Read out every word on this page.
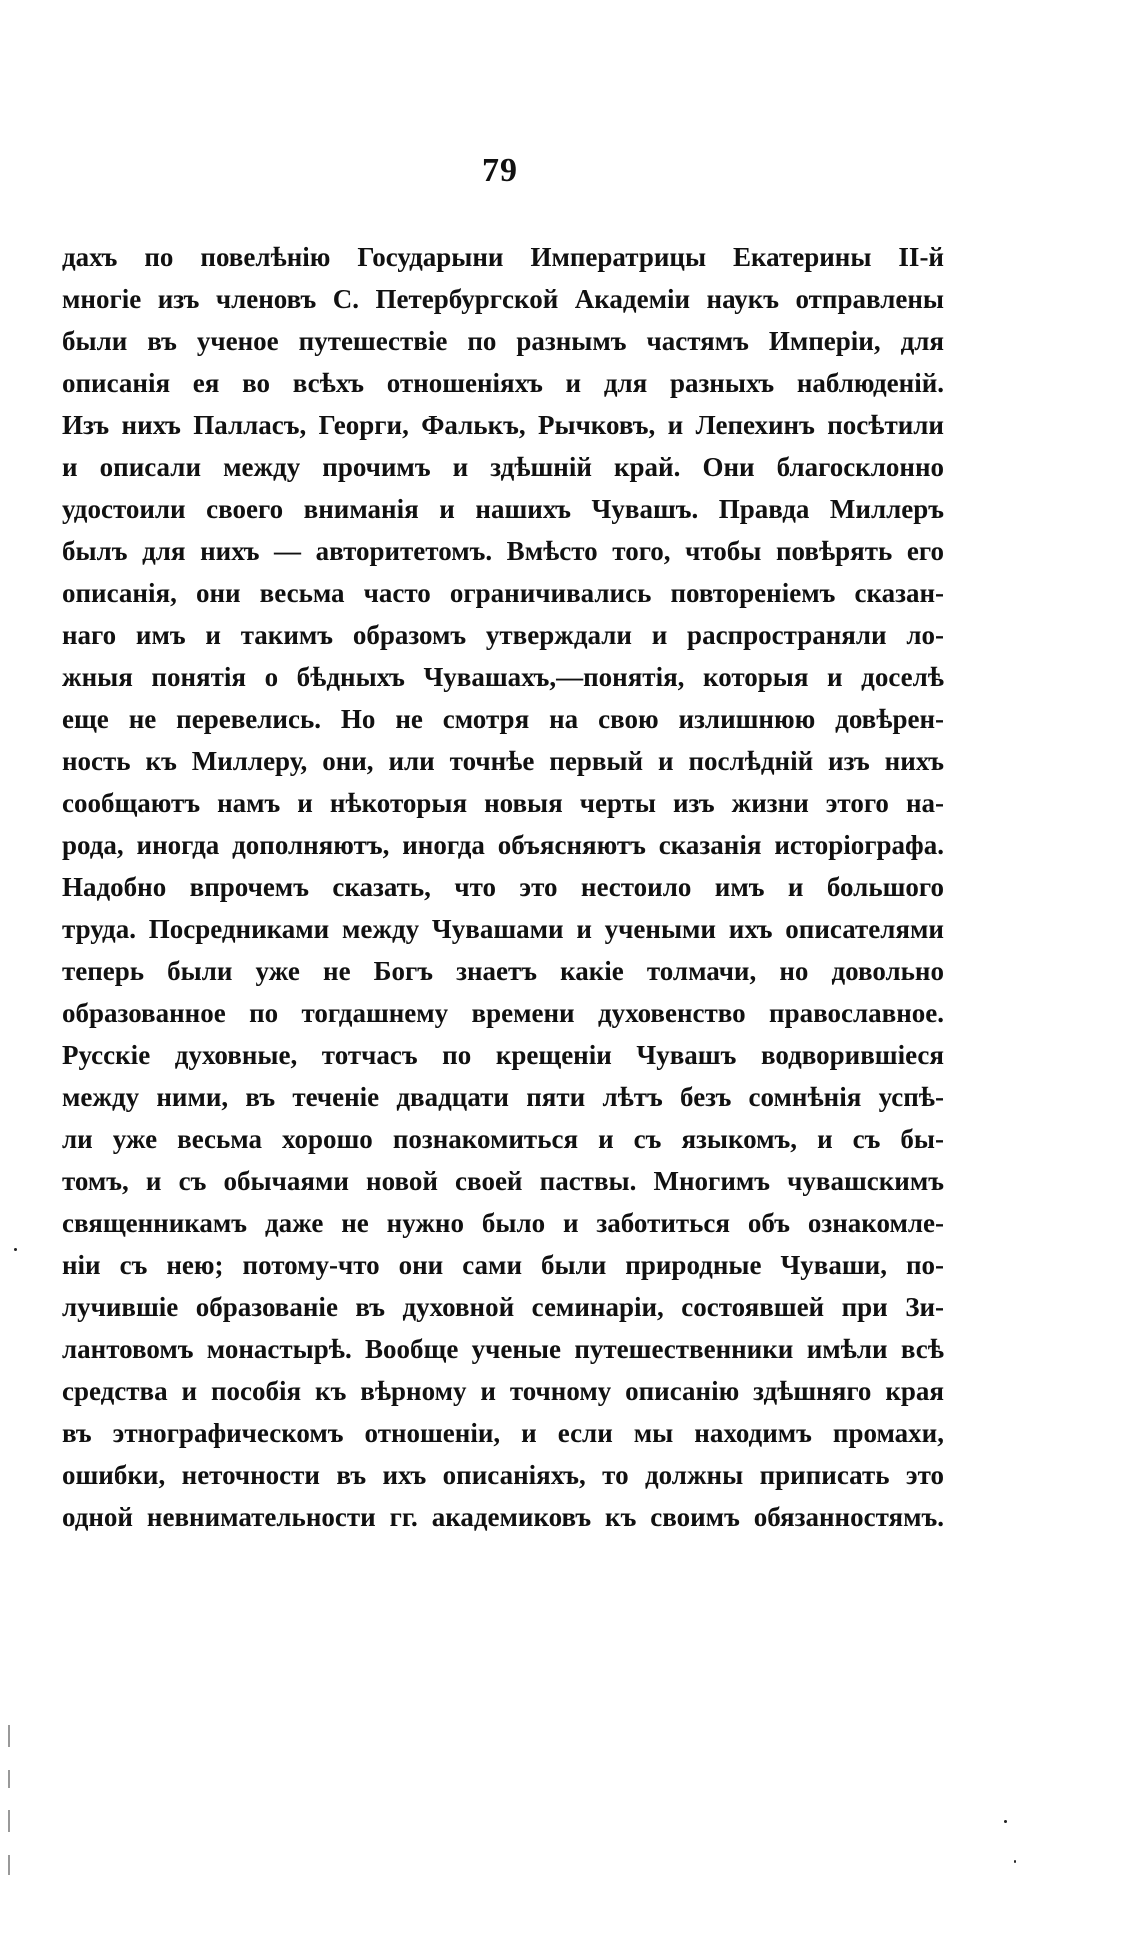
79
дахъ по повелѣнію Государыни Императрицы Екатерины II-й
многіе изъ членовъ С. Петербургской Академіи наукъ отправлены
были въ ученое путешествіе по разнымъ частямъ Имперіи, для
описанія ея во всѣхъ отношеніяхъ и для разныхъ наблюденій.
Изъ нихъ Палласъ, Георги, Фалькъ, Рычковъ, и Лепехинъ посѣтили
и описали между прочимъ и здѣшній край. Они благосклонно
удостоили своего вниманія и нашихъ Чувашъ. Правда Миллеръ
былъ для нихъ — авторитетомъ. Вмѣсто того, чтобы повѣрять его
описанія, они весьма часто ограничивались повтореніемъ сказан-
наго имъ и такимъ образомъ утверждали и распространяли ло-
жныя понятія о бѣдныхъ Чувашахъ,—понятія, которыя и доселѣ
еще не перевелись. Но не смотря на свою излишнюю довѣрен-
ность къ Миллеру, они, или точнѣе первый и послѣдній изъ нихъ
сообщаютъ намъ и нѣкоторыя новыя черты изъ жизни этого на-
рода, иногда дополняютъ, иногда объясняютъ сказанія исторіографа.
Надобно впрочемъ сказать, что это нестоило имъ и большого
труда. Посредниками между Чувашами и учеными ихъ описателями
теперь были уже не Богъ знаетъ какіе толмачи, но довольно
образованное по тогдашнему времени духовенство православное.
Русскіе духовные, тотчасъ по крещеніи Чувашъ водворившіеся
между ними, въ теченіе двадцати пяти лѣтъ безъ сомнѣнія успѣ-
ли уже весьма хорошо познакомиться и съ языкомъ, и съ бы-
томъ, и съ обычаями новой своей паствы. Многимъ чувашскимъ
священникамъ даже не нужно было и заботиться объ ознакомле-
ніи съ нею; потому-что они сами были природные Чуваши, по-
лучившіе образованіе въ духовной семинаріи, состоявшей при Зи-
лантовомъ монастырѣ. Вообще ученые путешественники имѣли всѣ
средства и пособія къ вѣрному и точному описанію здѣшняго края
въ этнографическомъ отношеніи, и если мы находимъ промахи,
ошибки, неточности въ ихъ описаніяхъ, то должны приписать это
одной невнимательности гг. академиковъ къ своимъ обязанностямъ.
